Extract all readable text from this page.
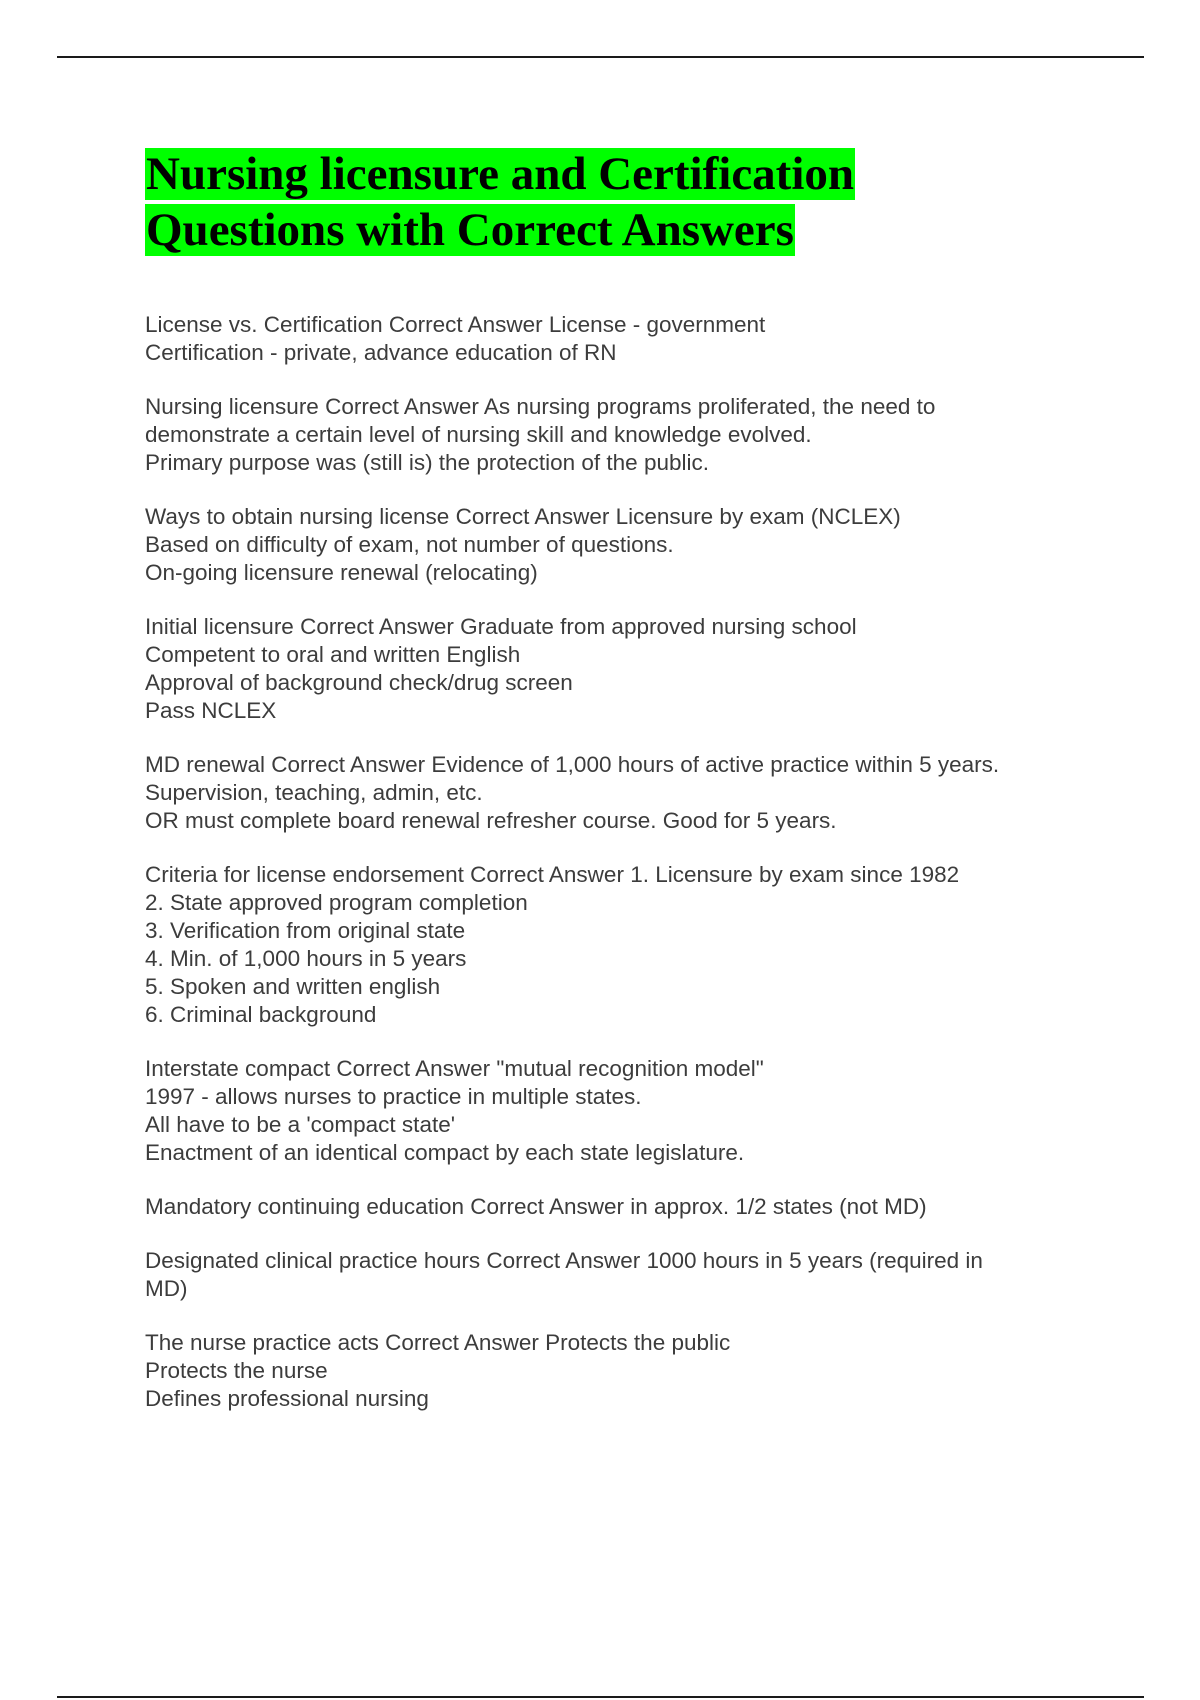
Nursing licensure and Certification
Questions with Correct Answers
License vs. Certification Correct Answer License - government
Certification - private, advance education of RN
Nursing licensure Correct Answer As nursing programs proliferated, the need to
demonstrate a certain level of nursing skill and knowledge evolved.
Primary purpose was (still is) the protection of the public.
Ways to obtain nursing license Correct Answer Licensure by exam (NCLEX)
Based on difficulty of exam, not number of questions.
On-going licensure renewal (relocating)
Initial licensure Correct Answer Graduate from approved nursing school
Competent to oral and written English
Approval of background check/drug screen
Pass NCLEX
MD renewal Correct Answer Evidence of 1,000 hours of active practice within 5 years.
Supervision, teaching, admin, etc.
OR must complete board renewal refresher course. Good for 5 years.
Criteria for license endorsement Correct Answer 1. Licensure by exam since 1982
2. State approved program completion
3. Verification from original state
4. Min. of 1,000 hours in 5 years
5. Spoken and written english
6. Criminal background
Interstate compact Correct Answer "mutual recognition model"
1997 - allows nurses to practice in multiple states.
All have to be a 'compact state'
Enactment of an identical compact by each state legislature.
Mandatory continuing education Correct Answer in approx. 1/2 states (not MD)
Designated clinical practice hours Correct Answer 1000 hours in 5 years (required in
MD)
The nurse practice acts Correct Answer Protects the public
Protects the nurse
Defines professional nursing
